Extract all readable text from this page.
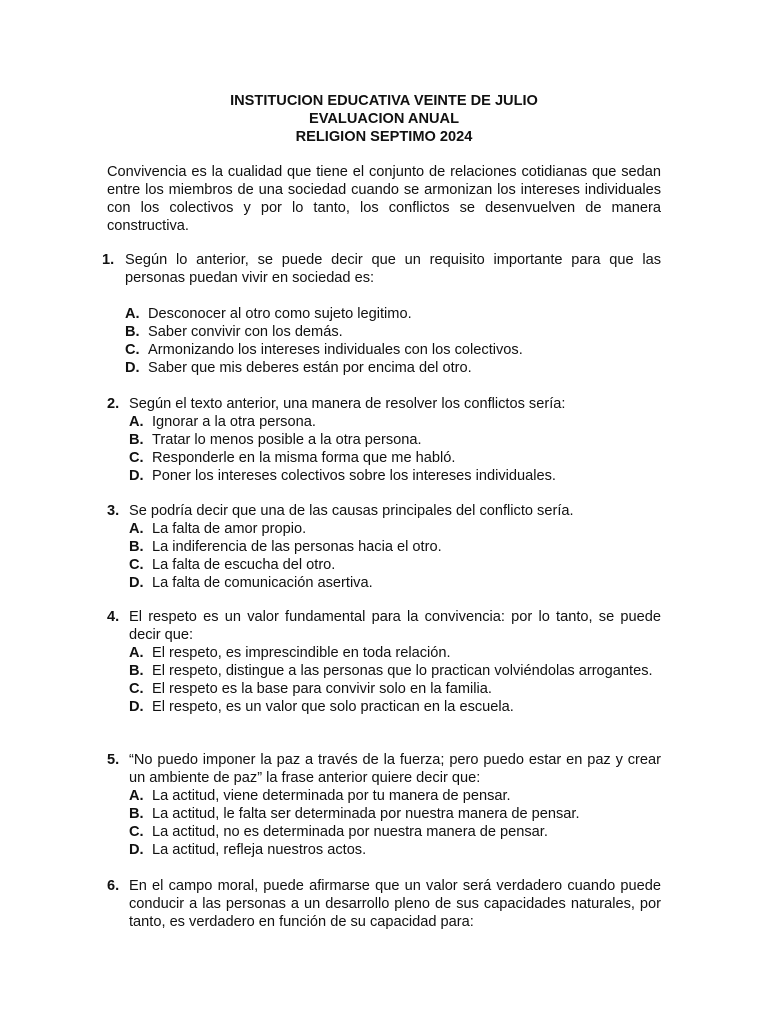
INSTITUCION EDUCATIVA VEINTE DE JULIO
EVALUACION ANUAL
RELIGION SEPTIMO 2024

Convivencia es la cualidad que tiene el conjunto de relaciones cotidianas que sedan entre los miembros de una sociedad cuando se armonizan los intereses individuales con los colectivos y por lo tanto, los conflictos se desenvuelven de manera constructiva.

1. Según lo anterior, se puede decir que un requisito importante para que las personas puedan vivir en sociedad es:

A. Desconocer al otro como sujeto legitimo.
B. Saber convivir con los demás.
C. Armonizando los intereses individuales con los colectivos.
D. Saber que mis deberes están por encima del otro.
2. Según el texto anterior, una manera de resolver los conflictos sería:

A. Ignorar a la otra persona.
B. Tratar lo menos posible a la otra persona.
C. Responderle en la misma forma que me habló.
D. Poner los intereses colectivos sobre los intereses individuales.
3. Se podría decir que una de las causas principales del conflicto sería.

A. La falta de amor propio.
B. La indiferencia de las personas hacia el otro.
C. La falta de escucha del otro.
D. La falta de comunicación asertiva.
4. El respeto es un valor fundamental para la convivencia: por lo tanto, se puede decir que:

A. El respeto, es imprescindible en toda relación.
B. El respeto, distingue a las personas que lo practican volviéndolas arrogantes.
C. El respeto es la base para convivir solo en la familia.
D. El respeto, es un valor que solo practican en la escuela.
5. “No puedo imponer la paz a través de la fuerza; pero puedo estar en paz y crear un ambiente de paz” la frase anterior quiere decir que:

A. La actitud, viene determinada por tu manera de pensar.
B. La actitud, le falta ser determinada por nuestra manera de pensar.
C. La actitud, no es determinada por nuestra manera de pensar.
D. La actitud, refleja nuestros actos.
6. En el campo moral, puede afirmarse que un valor será verdadero cuando puede conducir a las personas a un desarrollo pleno de sus capacidades naturales, por tanto, es verdadero en función de su capacidad para:
